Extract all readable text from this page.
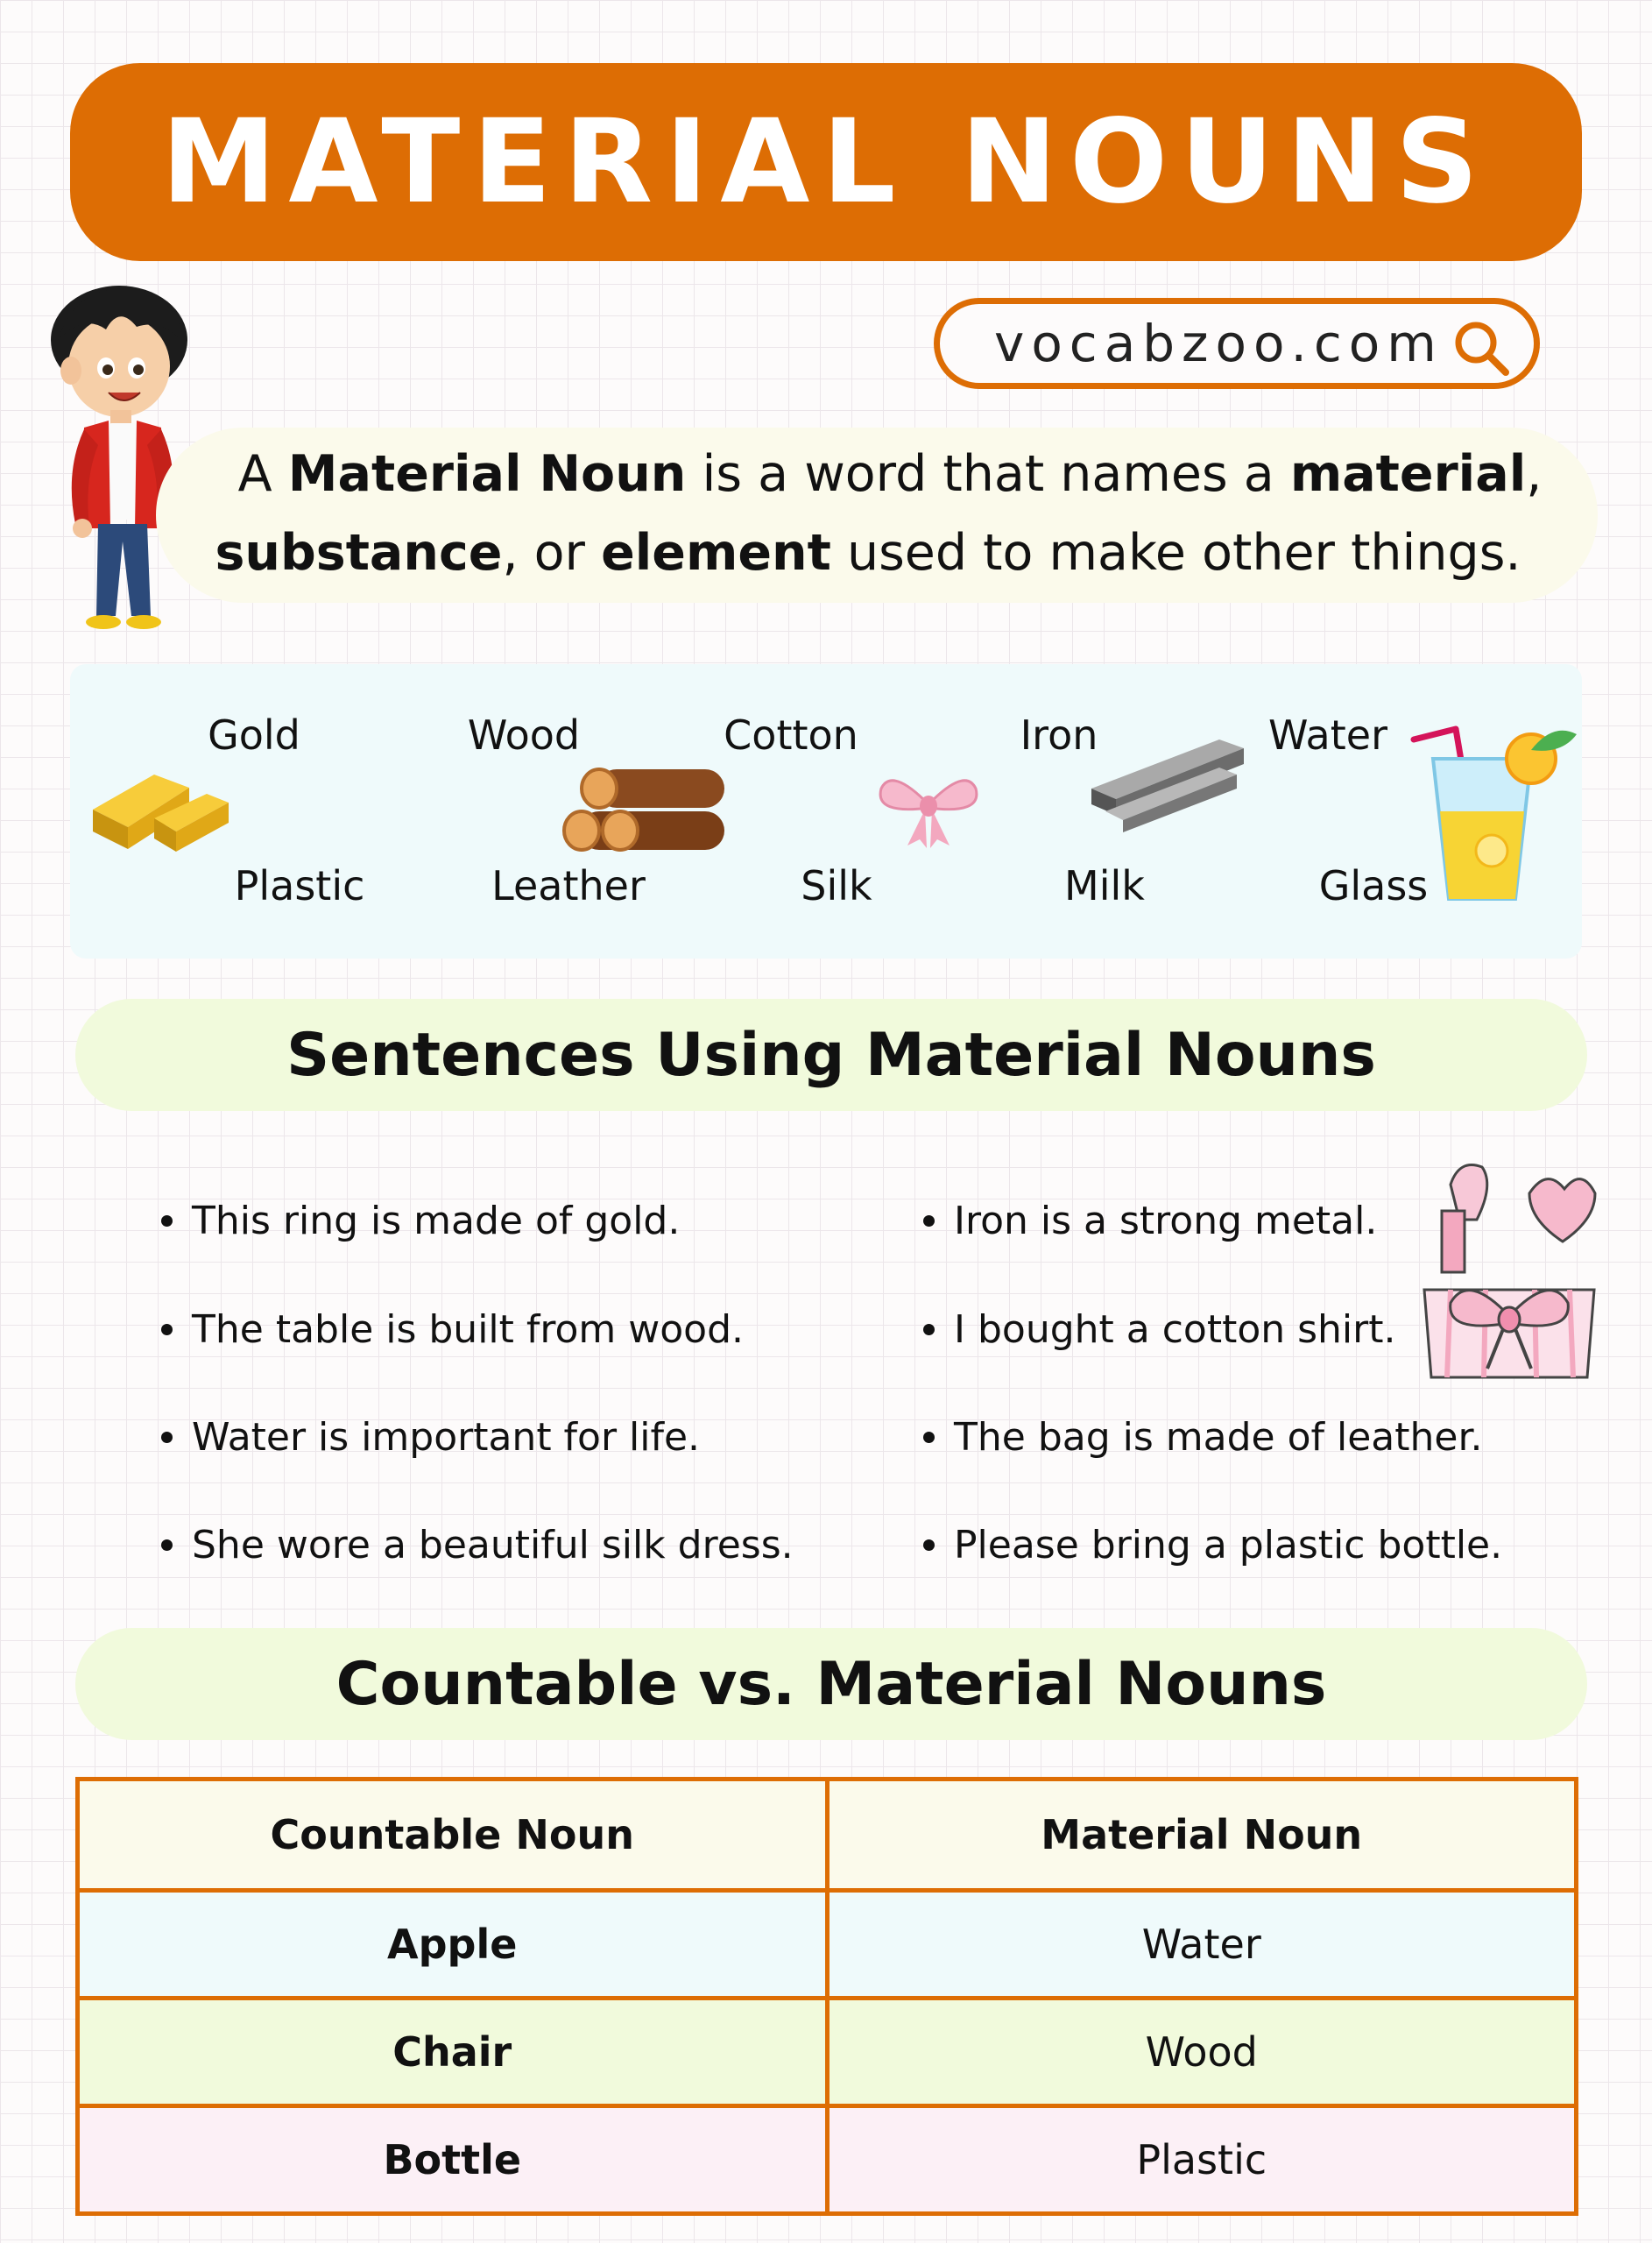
MATERIAL NOUNS
vocabzoo.com
A Material Noun is a word that names a material,
substance, or element used to make other things.
Gold	Wood	Cotton	Iron	Water
Plastic	Leather	Silk	Milk	Glass
Sentences Using Material Nouns
This ring is made of gold.
The table is built from wood.
Water is important for life.
She wore a beautiful silk dress.
Iron is a strong metal.
I bought a cotton shirt.
The bag is made of leather.
Please bring a plastic bottle.
Countable vs. Material Nouns
Countable Noun	Material Noun
Apple	Water
Chair	Wood
Bottle	Plastic
